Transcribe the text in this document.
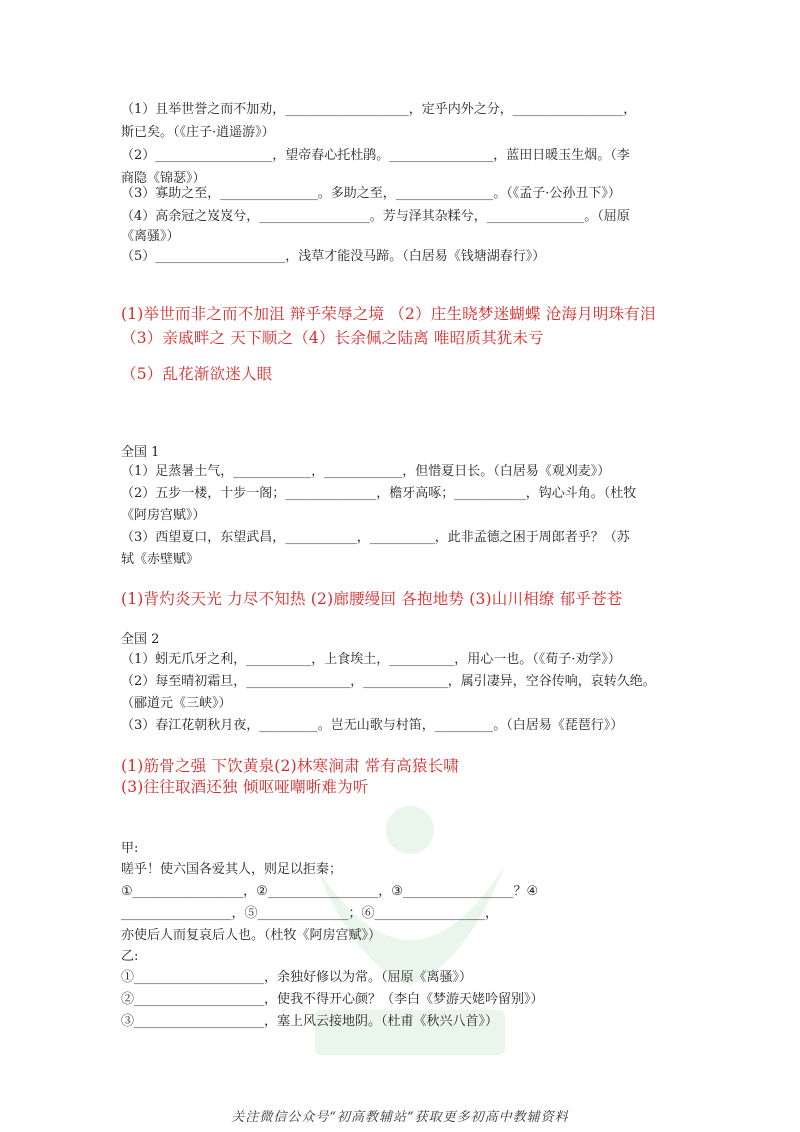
（1）且举世誉之而不加劝，___________________，定乎内外之分，_________________，
斯已矣。（《庄子·逍遥游》）
（2）__________________，望帝春心托杜鹃。________________，蓝田日暖玉生烟。（李
商隐《锦瑟》）
（3）寡助之至，_______________。多助之至，_______________。（《孟子·公孙丑下》）
（4）高余冠之岌岌兮，_________________。芳与泽其杂糅兮，_______________。（屈原
《离骚》）
（5）____________________，浅草才能没马蹄。（白居易《钱塘湖春行》）
(1)举世而非之而不加沮 辩乎荣辱之境 （2）庄生晓梦迷蝴蝶 沧海月明珠有泪
（3）亲戚畔之 天下顺之（4）长余佩之陆离 唯昭质其犹未亏
（5）乱花渐欲迷人眼
全国 1
（1）足蒸暑土气，____________，____________，但惜夏日长。（白居易《观刈麦》）
（2）五步一楼，十步一阁；______________，檐牙高啄；___________，钩心斗角。（杜牧
《阿房宫赋》）
（3）西望夏口，东望武昌，___________，__________，此非孟德之困于周郎者乎？（苏
轼《赤壁赋》
(1)背灼炎天光 力尽不知热 (2)廊腰缦回 各抱地势 (3)山川相缭 郁乎苍苍
全国 2
（1）蚓无爪牙之利，__________，上食埃土，__________，用心一也。（《荀子·劝学》）
（2）每至晴初霜旦，________________，_____________，属引凄异，空谷传响，哀转久绝。
（郦道元《三峡》）
（3）春江花朝秋月夜，_________。岂无山歌与村笛，_________。（白居易《琵琶行》）
(1)筋骨之强 下饮黄泉(2)林寒涧肃 常有高猿长啸
(3)往往取酒还独 倾呕哑嘲哳难为听
甲:
嗟乎！使六国各爱其人，则足以拒秦；
①_________________，②_________________，③_________________？④
_________________，⑤______________；⑥_________________，
亦使后人而复哀后人也。（杜牧《阿房宫赋》）
乙:
①____________________，余独好修以为常。（屈原《离骚》）
②____________________，使我不得开心颜？（李白《梦游天姥吟留别》）
③____________________，塞上风云接地阴。（杜甫《秋兴八首》）
关注微信公众号“初高教辅站”获取更多初高中教辅资料
